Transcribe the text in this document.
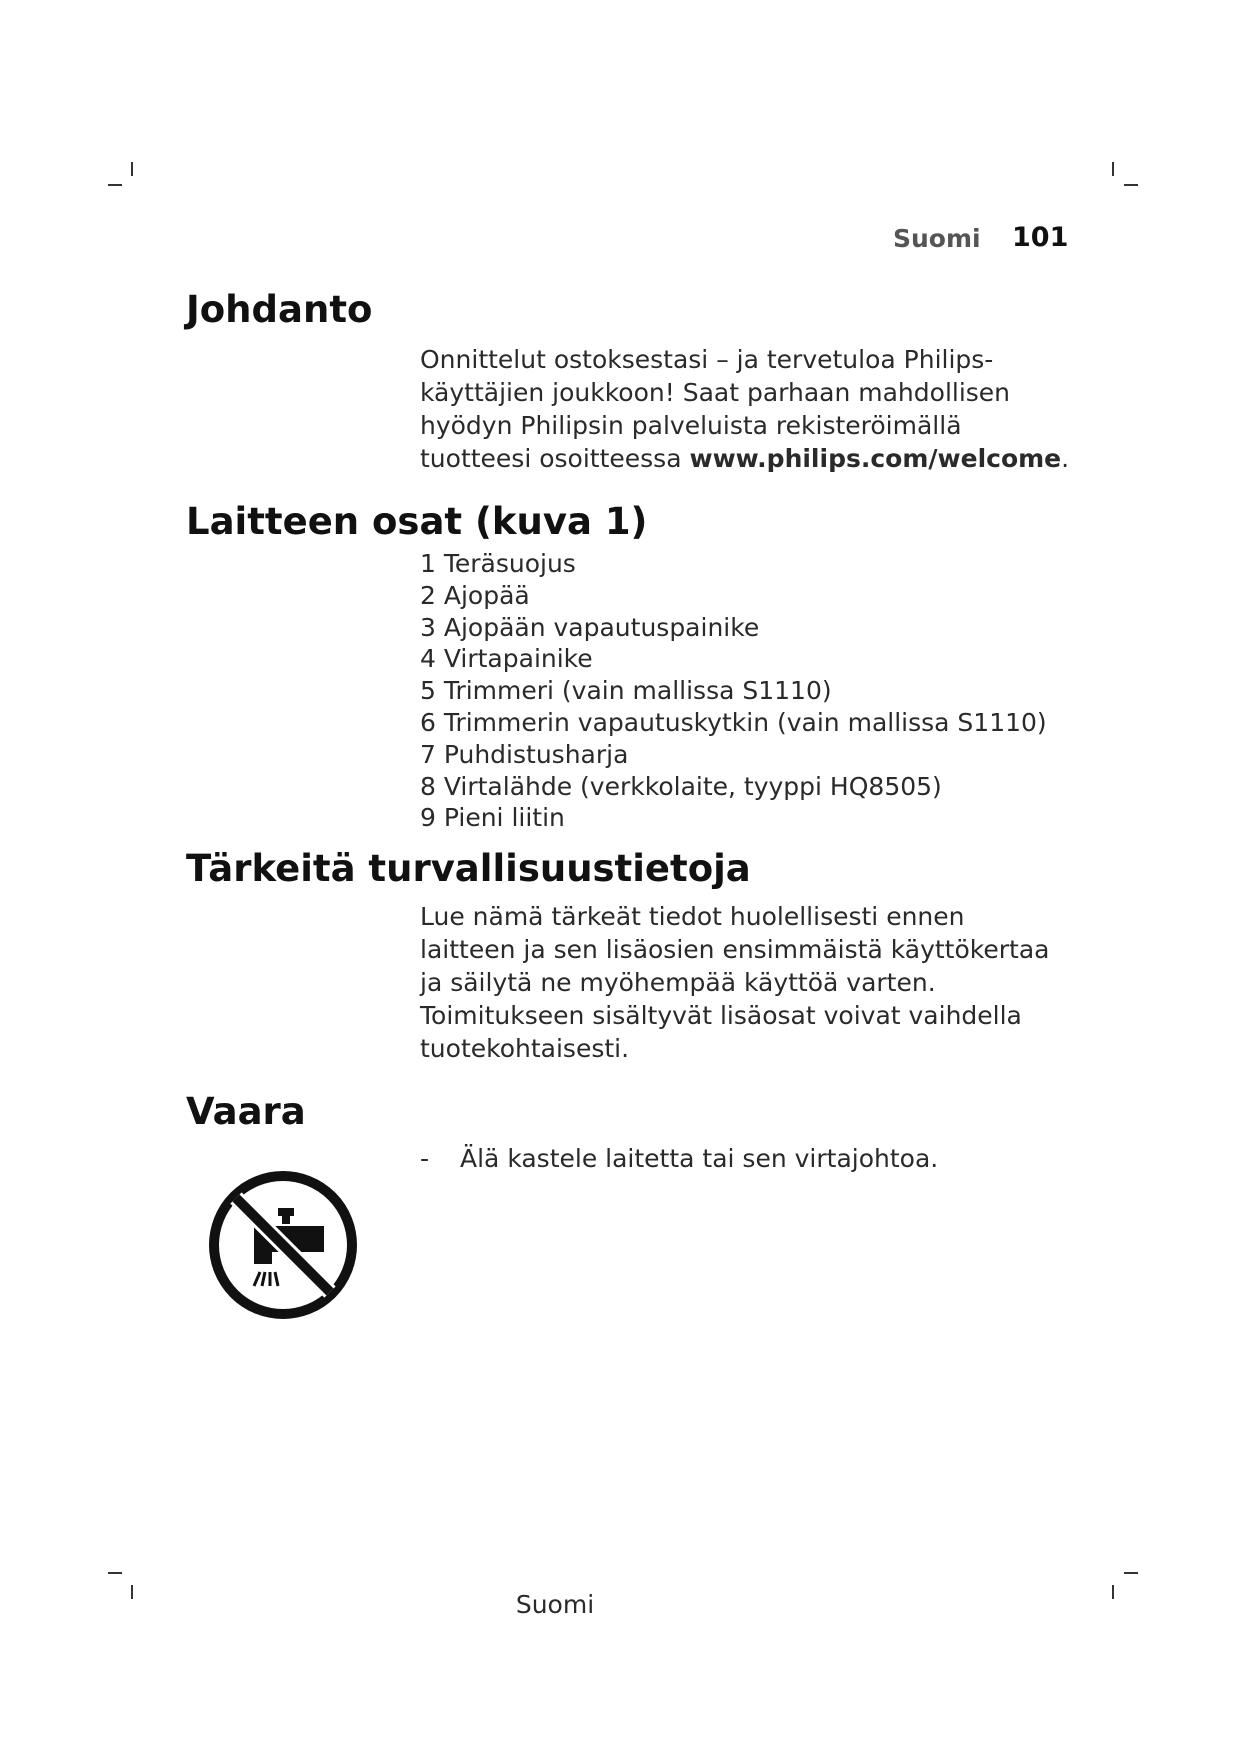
Suomi 101
Johdanto
Onnittelut ostoksestasi – ja tervetuloa Philips-
käyttäjien joukkoon! Saat parhaan mahdollisen
hyödyn Philipsin palveluista rekisteröimällä
tuotteesi osoitteessa www.philips.com/welcome.
Laitteen osat (kuva 1)
1 Teräsuojus
2 Ajopää
3 Ajopään vapautuspainike
4 Virtapainike
5 Trimmeri (vain mallissa S1110)
6 Trimmerin vapautuskytkin (vain mallissa S1110)
7 Puhdistusharja
8 Virtalähde (verkkolaite, tyyppi HQ8505)
9 Pieni liitin
Tärkeitä turvallisuustietoja
Lue nämä tärkeät tiedot huolellisesti ennen
laitteen ja sen lisäosien ensimmäistä käyttökertaa
ja säilytä ne myöhempää käyttöä varten.
Toimitukseen sisältyvät lisäosat voivat vaihdella
tuotekohtaisesti.
Vaara
- Älä kastele laitetta tai sen virtajohtoa.
Suomi
